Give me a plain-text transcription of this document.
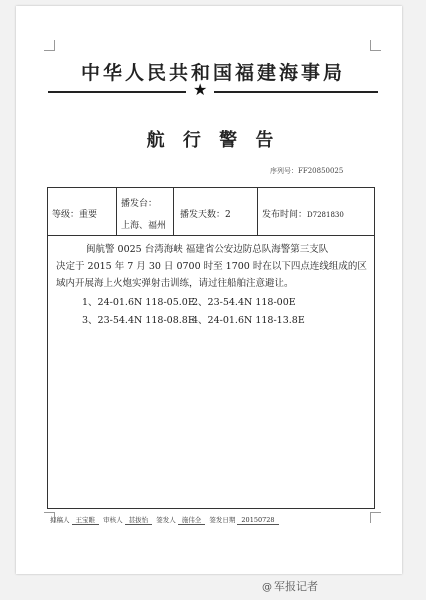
中华人民共和国福建海事局
★
航 行 警 告
序列号：FF20850025
等级：重要
播发台：
上海、福州
播发天数：2	发布时间：D7281830
闽航警 0025 台湾海峡 福建省公安边防总队海警第三支队
决定于 2015 年 7 月 30 日 0700 时至 1700 时在以下四点连线组成的区
域内开展海上火炮实弹射击训练，请过往船舶注意避让。
1、24-01.6N 118-05.0E
2、23-54.4N 118-00E
3、23-54.4N 118-08.8E
4、24-01.6N 118-13.8E
拟稿人 王宝睢 审核人 甚拔怡 签发人 施伟全 签发日期 20150728
@ 军报记者
